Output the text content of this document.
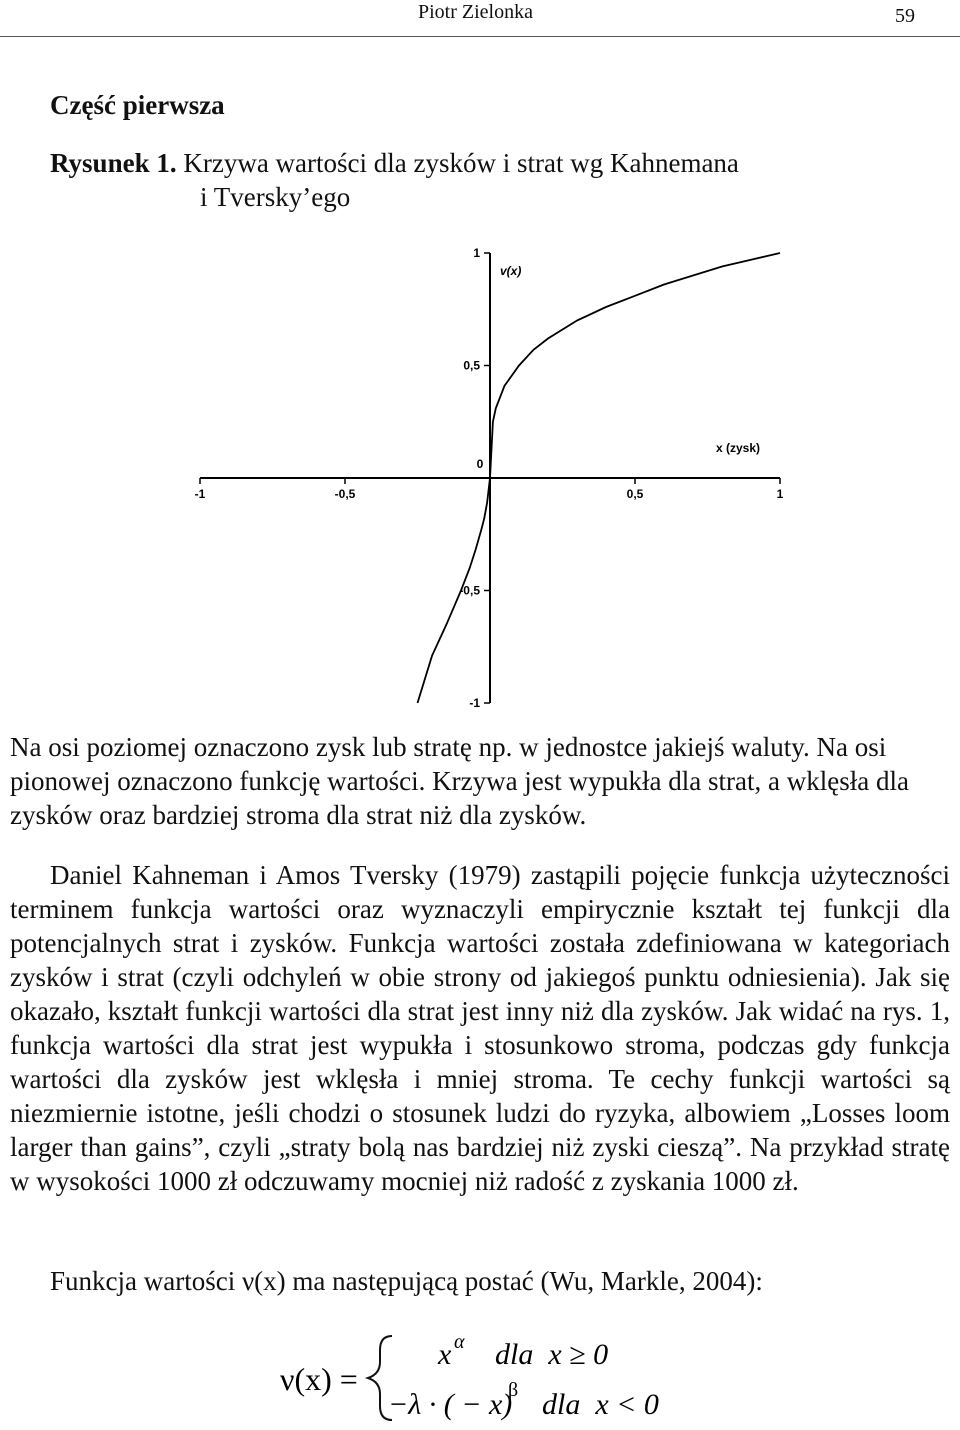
Piotr Zielonka	59
Część pierwsza
Rysunek 1. Krzywa wartości dla zysków i strat wg Kahnemana
i Tversky’ego
-1	-0,5
0
0,5	1
1
0,5
-0,5
-1
v(x)
x (zysk)

Na osi poziomej oznaczono zysk lub stratę np. w jednostce jakiejś waluty. Na osi pionowej oznaczono funkcję wartości. Krzywa jest wypukła dla strat, a wklęsła dla zysków oraz bardziej stroma dla strat niż dla zysków.

Daniel Kahneman i Amos Tversky (1979) zastąpili pojęcie funkcja użyteczności terminem funkcja wartości oraz wyznaczyli empirycznie kształt tej funkcji dla potencjalnych strat i zysków. Funkcja wartości została zdefiniowana w kategoriach zysków i strat (czyli odchyleń w obie strony od jakiegoś punktu odniesienia). Jak się okazało, kształt funkcji wartości dla strat jest inny niż dla zysków. Jak widać na rys. 1, funkcja wartości dla strat jest wypukła i stosunkowo stroma, podczas gdy funkcja wartości dla zysków jest wklęsła i mniej stroma. Te cechy funkcji wartości są niezmiernie istotne, jeśli chodzi o stosunek ludzi do ryzyka, albowiem „Losses loom larger than gains”, czyli „straty bolą nas bardziej niż zyski cieszą”. Na przykład stratę w wysokości 1000 zł odczuwamy mocniej niż radość z zyskania 1000 zł.

Funkcja wartości ν(x) ma następującą postać (Wu, Markle, 2004):

ν(x) =
x α dla  x ≥ 0
−λ · ( − x)
β dla  x < 0
